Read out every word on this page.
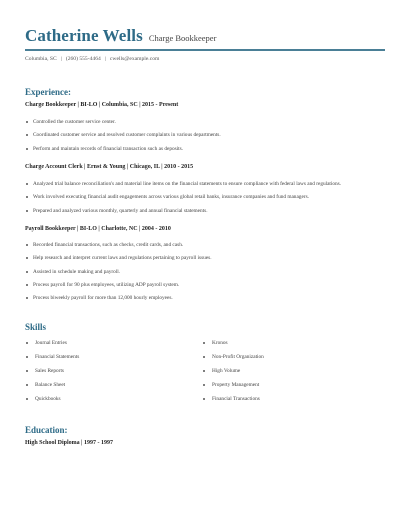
Catherine Wells Charge Bookkeeper
Columbia, SC | (260) 555-4464 | cwells@example.com
Experience:
Charge Bookkeeper | BI-LO | Columbia, SC | 2015 - Present
Controlled the customer service center.
Coordinated customer service and resolved customer complaints in various departments.
Perform and maintain records of financial transaction such as deposits.
Charge Account Clerk | Ernst & Young | Chicago, IL | 2010 - 2015
Analyzed trial balance reconciliation's and material line items on the financial statements to ensure compliance with federal laws and regulations.
Work involved executing financial audit engagements across various global retail banks, insurance companies and fund managers.
Prepared and analyzed various monthly, quarterly and annual financial statements.
Payroll Bookkeeper | BI-LO | Charlotte, NC | 2004 - 2010
Recorded financial transactions, such as checks, credit cards, and cash.
Help research and interpret current laws and regulations pertaining to payroll issues.
Assisted in schedule making and payroll.
Process payroll for 90 plus employees, utilizing ADP payroll system.
Process biweekly payroll for more than 12,000 hourly employees.
Skills
Journal Entries
Financial Statements
Sales Reports
Balance Sheet
Quickbooks
Kronos
Non-Profit Organization
High Volume
Property Management
Financial Transactions
Education:
High School Diploma | 1997 - 1997
